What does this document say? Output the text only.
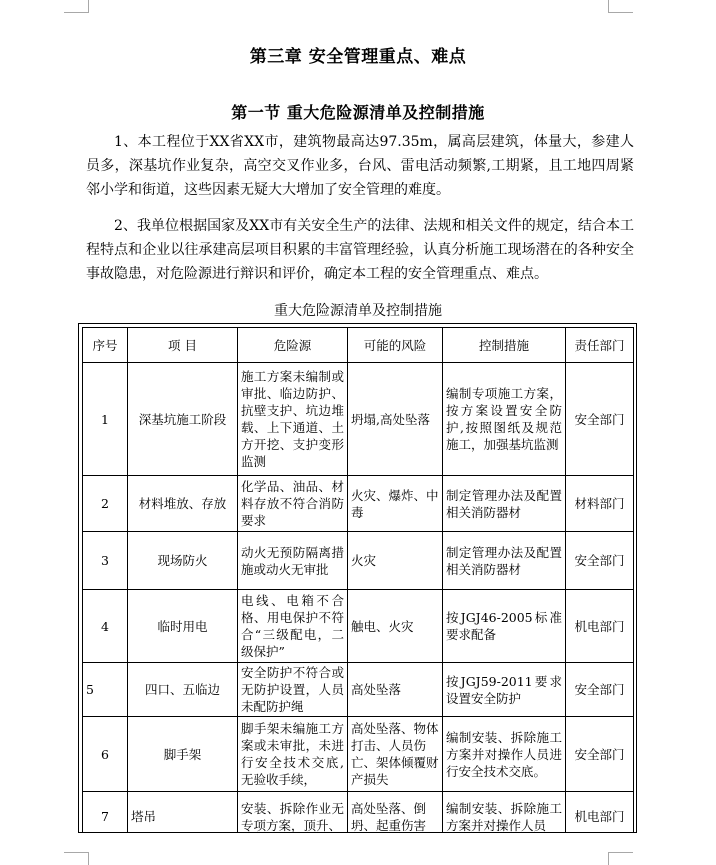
第三章 安全管理重点、难点
第一节 重大危险源清单及控制措施

1、本工程位于XX省XX市，建筑物最高达97.35m，属高层建筑，体量大，参建人员多，深基坑作业复杂，高空交叉作业多，台风、雷电活动频繁,工期紧，且工地四周紧邻小学和街道，这些因素无疑大大增加了安全管理的难度。

2、我单位根据国家及XX市有关安全生产的法律、法规和相关文件的规定，结合本工程特点和企业以往承建高层项目积累的丰富管理经验，认真分析施工现场潜在的各种安全事故隐患，对危险源进行辩识和评价，确定本工程的安全管理重点、难点。

重大危险源清单及控制措施
序号	项 目	危险源	可能的风险	控制措施	责任部门
1	深基坑施工阶段	施工方案未编制或审批、临边防护、抗壁支护、坑边堆载、上下通道、土方开挖、支护变形监测	坍塌,高处坠落	编制专项施工方案，按方案设置安全防护,按照图纸及规范施工，加强基坑监测	安全部门
2	材料堆放、存放	化学品、油品、材料存放不符合消防要求	火灾、爆炸、中毒	制定管理办法及配置相关消防器材	材料部门
3	现场防火	动火无预防隔离措施或动火无审批	火灾	制定管理办法及配置相关消防器材	安全部门
4	临时用电	电线、电箱不合格、用电保护不符合“三级配电，二级保护”	触电、火灾	按JGJ46-2005标准要求配备	机电部门
5	四口、五临边	安全防护不符合或无防护设置，人员未配防护绳	高处坠落	按JGJ59-2011要求设置安全防护	安全部门
6	脚手架	脚手架未编施工方案或未审批，未进行安全技术交底,无验收手续，	高处坠落、物体打击、人员伤亡、架体倾覆财产损失	编制安装、拆除施工方案并对操作人员进行安全技术交底。	安全部门
7	塔吊	安装、拆除作业无专项方案，顶升、	高处坠落、倒坍、起重伤害	编制安装、拆除施工方案并对操作人员	机电部门
